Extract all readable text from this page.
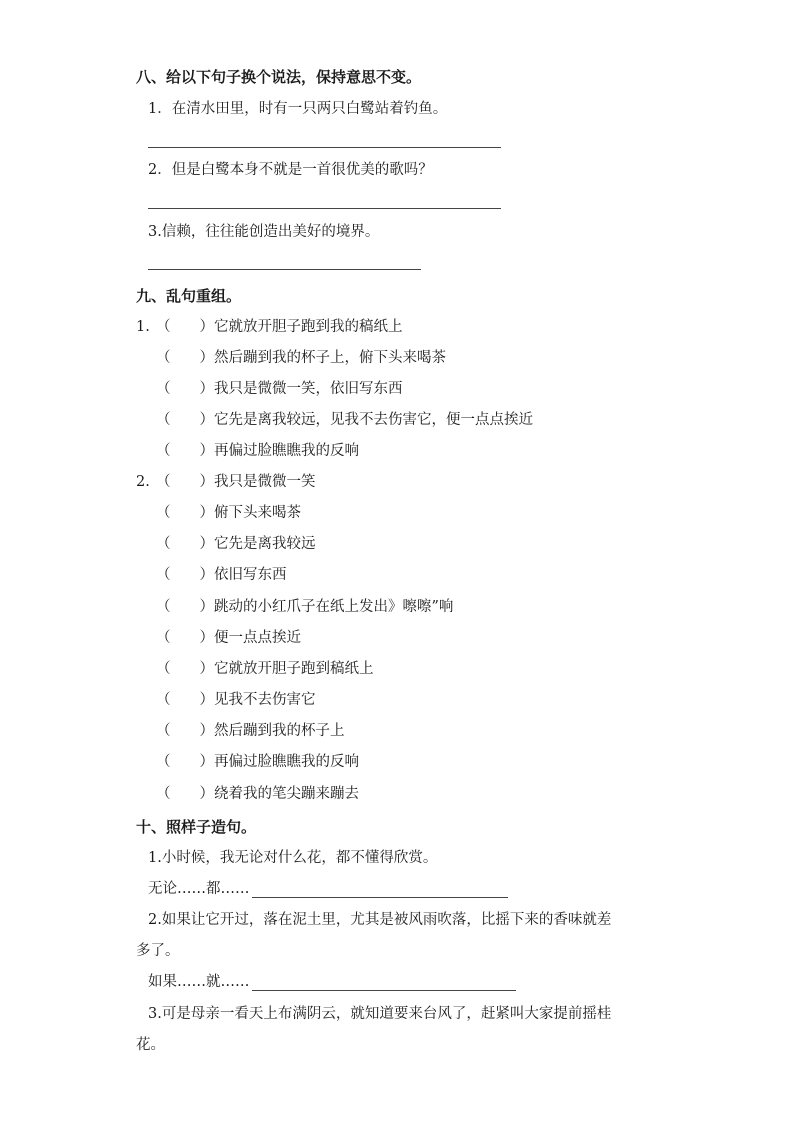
八、给以下句子换个说法，保持意思不变。
1．在清水田里，时有一只两只白鹭站着钓鱼。
2．但是白鹭本身不就是一首很优美的歌吗？
3.信赖，往往能创造出美好的境界。
九、乱句重组。
1. （　　）它就放开胆子跑到我的稿纸上
（　　）然后蹦到我的杯子上，俯下头来喝茶
（　　）我只是微微一笑，依旧写东西
（　　）它先是离我较远，见我不去伤害它，便一点点挨近
（　　）再偏过脸瞧瞧我的反响
2. （　　）我只是微微一笑
（　　）俯下头来喝茶
（　　）它先是离我较远
（　　）依旧写东西
（　　）跳动的小红爪子在纸上发出》嚓嚓”响
（　　）便一点点挨近
（　　）它就放开胆子跑到稿纸上
（　　）见我不去伤害它
（　　）然后蹦到我的杯子上
（　　）再偏过脸瞧瞧我的反响
（　　）绕着我的笔尖蹦来蹦去
十、照样子造句。
1.小时候，我无论对什么花，都不懂得欣赏。
无论……都……
2.如果让它开过，落在泥土里，尤其是被风雨吹落，比摇下来的香味就差
多了。
如果……就……
3.可是母亲一看天上布满阴云，就知道要来台风了，赶紧叫大家提前摇桂
花。
